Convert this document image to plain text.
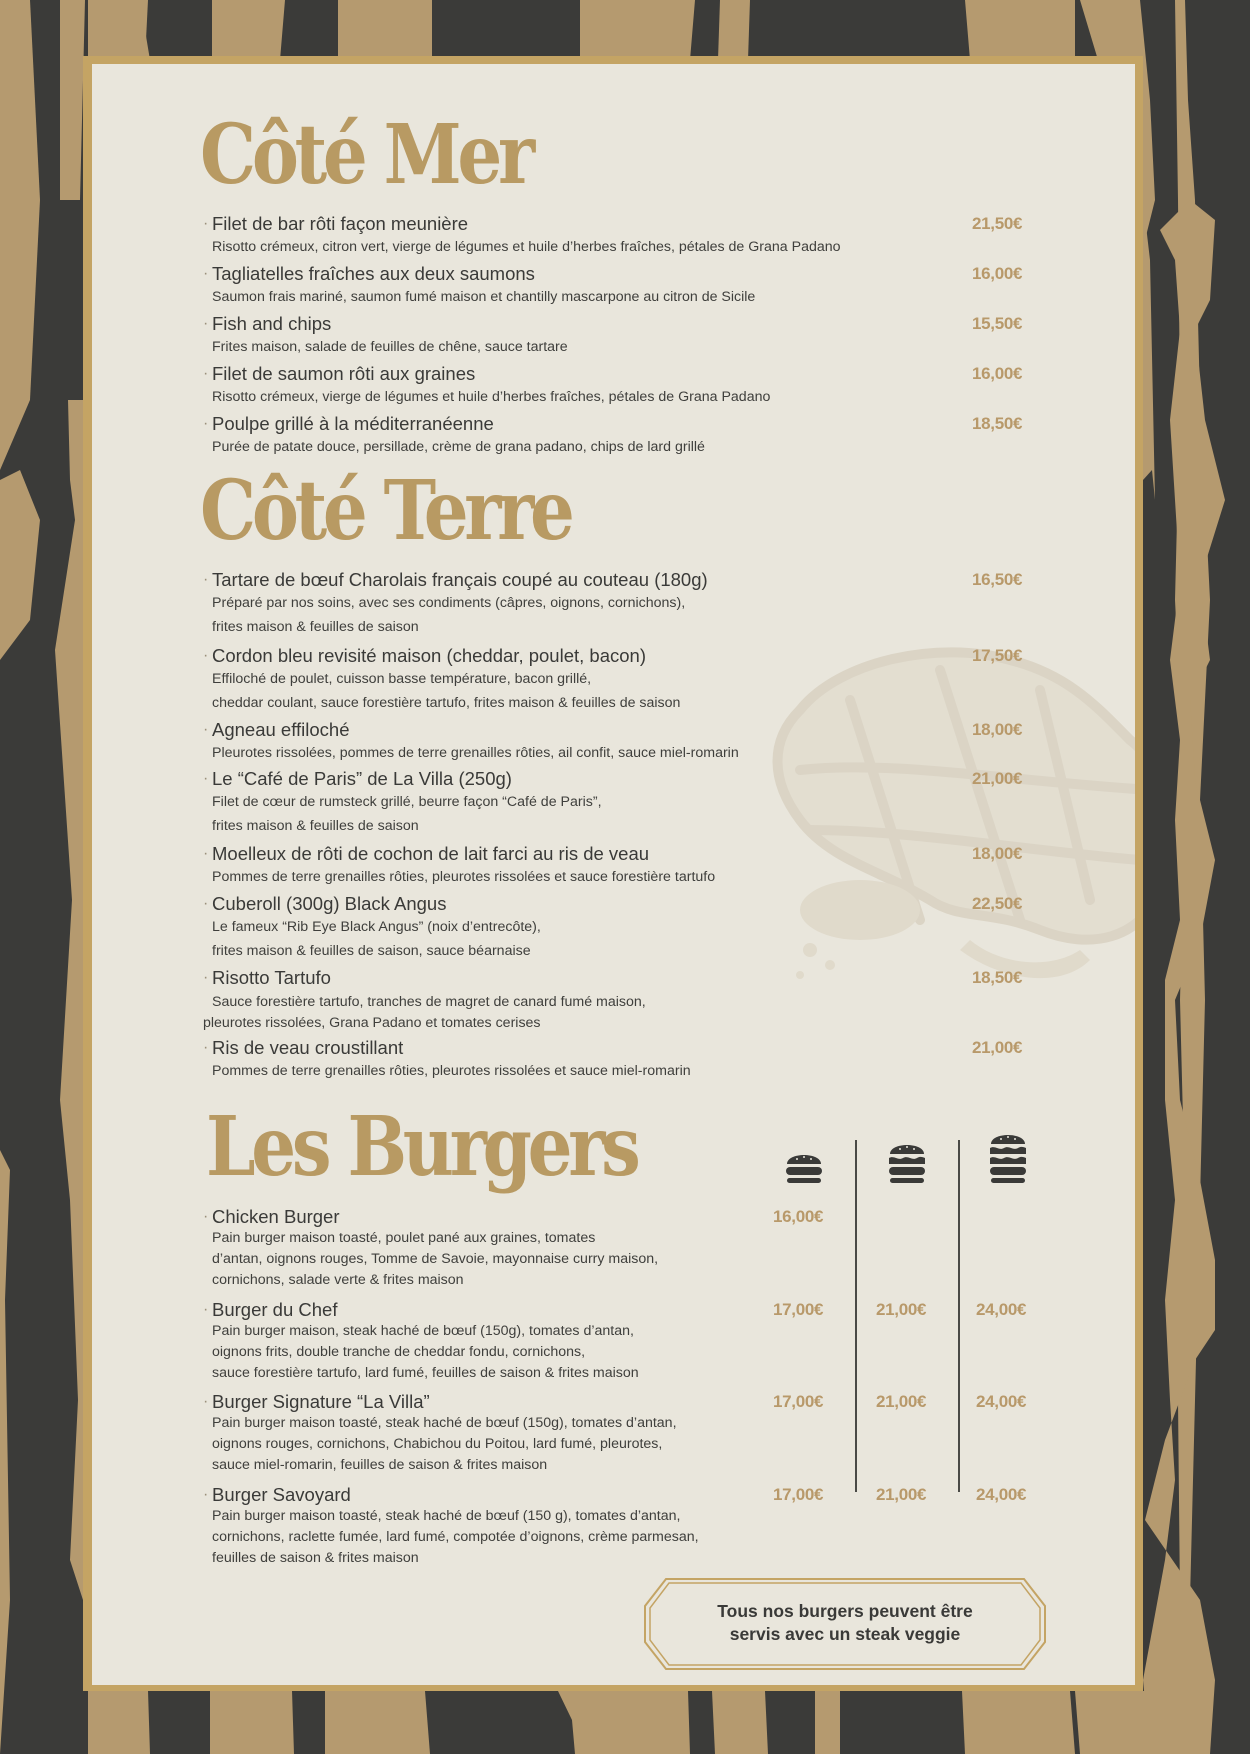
Côté Mer
· Filet de bar rôti façon meunière
Risotto crémeux, citron vert, vierge de légumes et huile d’herbes fraîches, pétales de Grana Padano
21,50€
· Tagliatelles fraîches aux deux saumons
Saumon frais mariné, saumon fumé maison et chantilly mascarpone au citron de Sicile
16,00€
· Fish and chips
Frites maison, salade de feuilles de chêne, sauce tartare
15,50€
· Filet de saumon rôti aux graines
Risotto crémeux, vierge de légumes et huile d’herbes fraîches, pétales de Grana Padano
16,00€
· Poulpe grillé à la méditerranéenne
Purée de patate douce, persillade, crème de grana padano, chips de lard grillé
18,50€
Côté Terre
· Tartare de bœuf Charolais français coupé au couteau (180g)
Préparé par nos soins, avec ses condiments (câpres, oignons, cornichons),
frites maison & feuilles de saison
16,50€
· Cordon bleu revisité maison (cheddar, poulet, bacon)
Effiloché de poulet, cuisson basse température, bacon grillé,
cheddar coulant, sauce forestière tartufo, frites maison & feuilles de saison
17,50€
· Agneau effiloché
Pleurotes rissolées, pommes de terre grenailles rôties, ail confit, sauce miel-romarin
18,00€
· Le “Café de Paris” de La Villa (250g)
Filet de cœur de rumsteck grillé, beurre façon “Café de Paris”,
frites maison & feuilles de saison
21,00€
· Moelleux de rôti de cochon de lait farci au ris de veau
Pommes de terre grenailles rôties, pleurotes rissolées et sauce forestière tartufo
18,00€
· Cuberoll (300g) Black Angus
Le fameux “Rib Eye Black Angus” (noix d’entrecôte),
frites maison & feuilles de saison, sauce béarnaise
22,50€
· Risotto Tartufo
Sauce forestière tartufo, tranches de magret de canard fumé maison,
pleurotes rissolées, Grana Padano et tomates cerises
18,50€
· Ris de veau croustillant
Pommes de terre grenailles rôties, pleurotes rissolées et sauce miel-romarin
21,00€
Les Burgers
· Chicken Burger
Pain burger maison toasté, poulet pané aux graines, tomates
d’antan, oignons rouges, Tomme de Savoie, mayonnaise curry maison,
cornichons, salade verte & frites maison
16,00€
· Burger du Chef
Pain burger maison, steak haché de bœuf (150g), tomates d’antan,
oignons frits, double tranche de cheddar fondu, cornichons,
sauce forestière tartufo, lard fumé, feuilles de saison & frites maison
17,00€	21,00€	24,00€
· Burger Signature “La Villa”
Pain burger maison toasté, steak haché de bœuf (150g), tomates d’antan,
oignons rouges, cornichons, Chabichou du Poitou, lard fumé, pleurotes,
sauce miel-romarin, feuilles de saison & frites maison
17,00€	21,00€	24,00€
· Burger Savoyard
Pain burger maison toasté, steak haché de bœuf (150 g), tomates d’antan,
cornichons, raclette fumée, lard fumé, compotée d’oignons, crème parmesan,
feuilles de saison & frites maison
17,00€	21,00€	24,00€
Tous nos burgers peuvent être
servis avec un steak veggie
